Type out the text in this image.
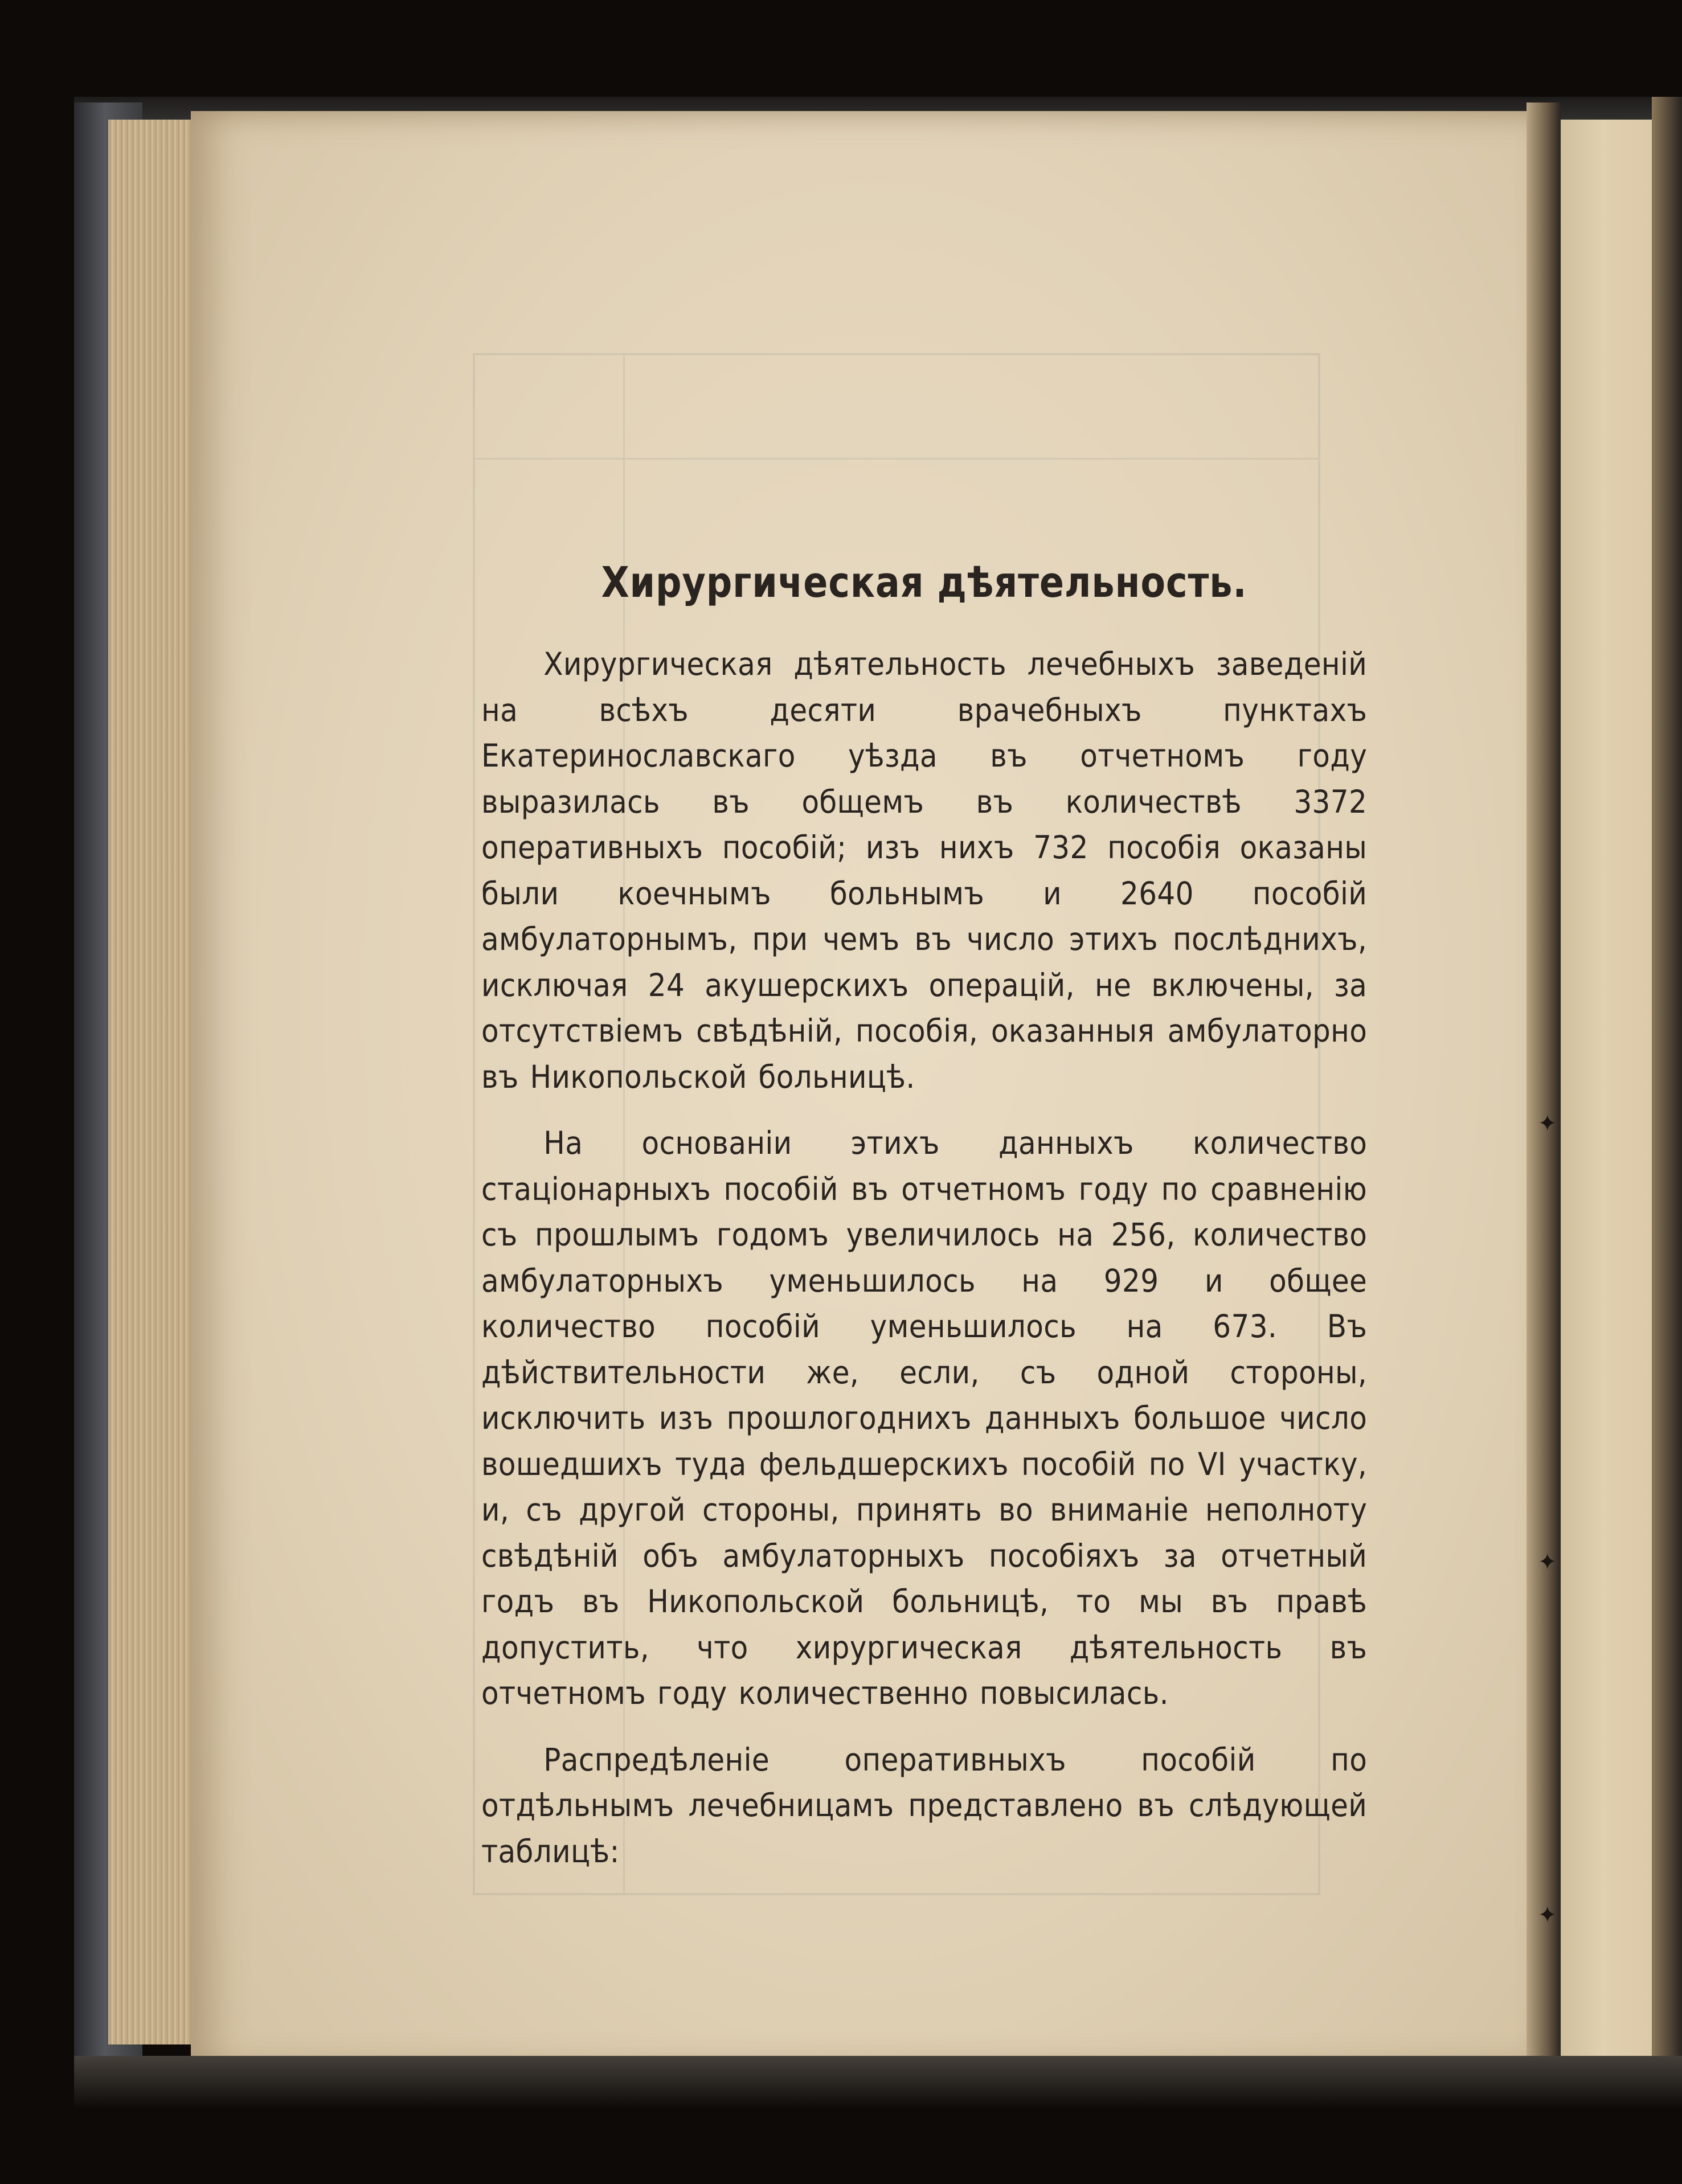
Хирургическая дѣятельность.

Хирургическая дѣятельность лечебныхъ заведеній на всѣхъ десяти врачебныхъ пунктахъ Екатеринославскаго уѣзда въ отчетномъ году выразилась въ общемъ въ количествѣ 3372 оперативныхъ пособій; изъ нихъ 732 пособія оказаны были коечнымъ больнымъ и 2640 пособій амбулаторнымъ, при чемъ въ число этихъ послѣднихъ, исключая 24 акушерскихъ операцій, не включены, за отсутствіемъ свѣдѣній, пособія, оказанныя амбулаторно въ Никопольской больницѣ.

На основаніи этихъ данныхъ количество стаціонарныхъ пособій въ отчетномъ году по сравненію съ прошлымъ годомъ увеличилось на 256, количество амбулаторныхъ уменьшилось на 929 и общее количество пособій уменьшилось на 673. Въ дѣйствительности же, если, съ одной стороны, исключить изъ прошлогоднихъ данныхъ большое число вошедшихъ туда фельдшерскихъ пособій по VI участку, и, съ другой стороны, принять во вниманіе неполноту свѣдѣній объ амбулаторныхъ пособіяхъ за отчетный годъ въ Никопольской больницѣ, то мы въ правѣ допустить, что хирургическая дѣятельность въ отчетномъ году количественно повысилась.

Распредѣленіе оперативныхъ пособій по отдѣльнымъ лечебницамъ представлено въ слѣдующей таблицѣ:

✦
✦
✦
